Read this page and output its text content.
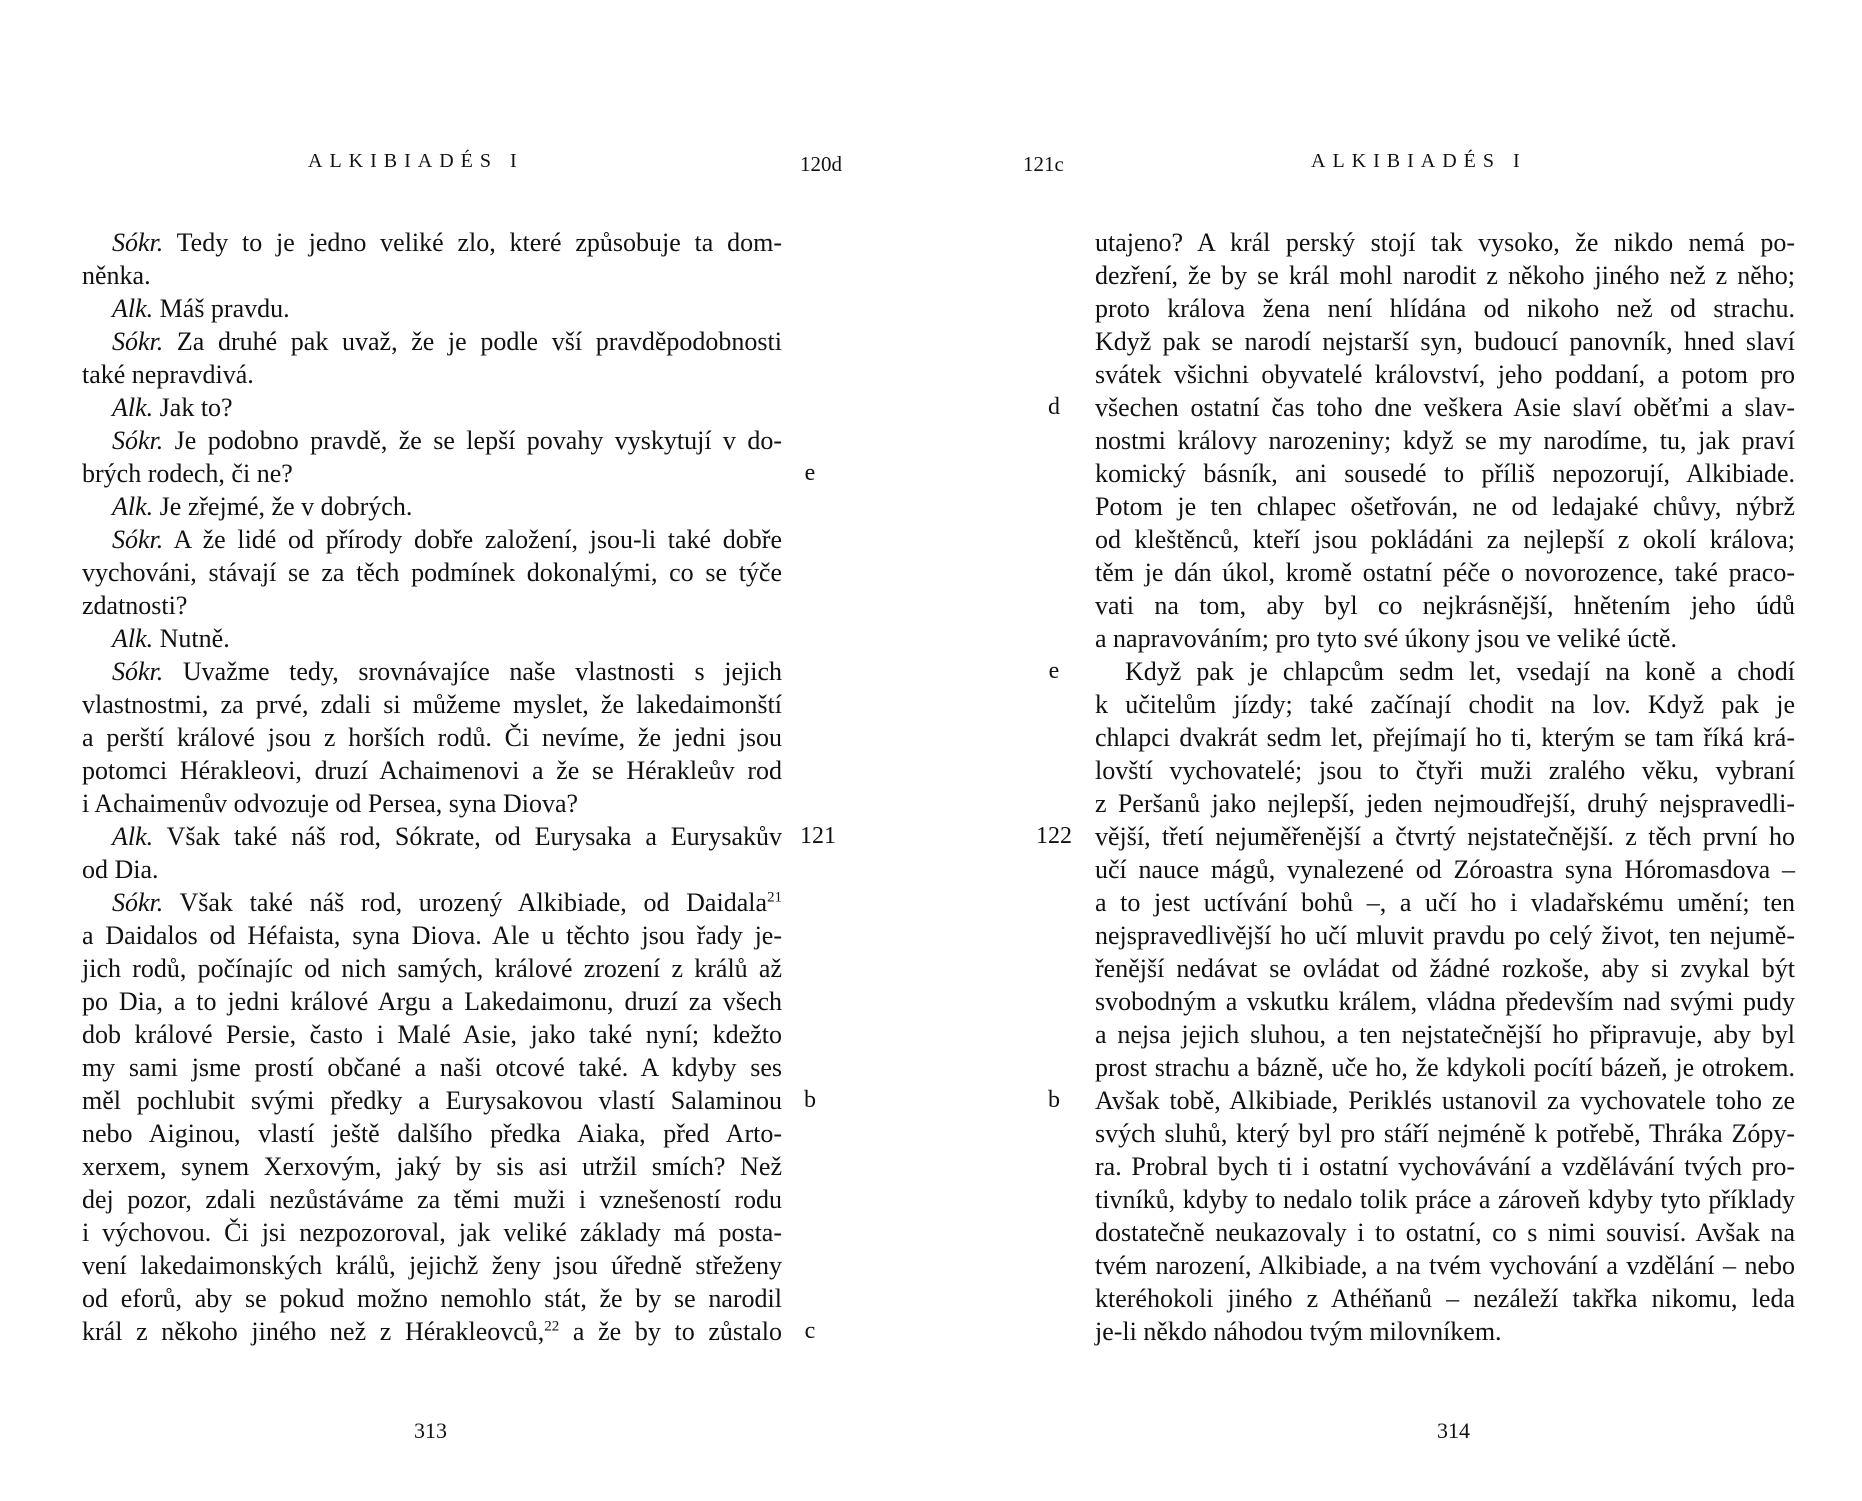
ALKIBIADÉS I	120d
Sókr. Tedy to je jedno veliké zlo, které způsobuje ta dom-
něnka.
Alk. Máš pravdu.
Sókr. Za druhé pak uvaž, že je podle vší pravděpodobnosti
také nepravdivá.
Alk. Jak to?
Sókr. Je podobno pravdě, že se lepší povahy vyskytují v do-
brých rodech, či ne?
Alk. Je zřejmé, že v dobrých.
Sókr. A že lidé od přírody dobře založení, jsou-li také dobře
vychováni, stávají se za těch podmínek dokonalými, co se týče
zdatnosti?
Alk. Nutně.
Sókr. Uvažme tedy, srovnávajíce naše vlastnosti s jejich
vlastnostmi, za prvé, zdali si můžeme myslet, že lakedaimonští
a perští králové jsou z horších rodů. Či nevíme, že jedni jsou
potomci Hérakleovi, druzí Achaimenovi a že se Hérakleův rod
i Achaimenův odvozuje od Persea, syna Diova?
Alk. Však také náš rod, Sókrate, od Eurysaka a Eurysakův
od Dia.
Sókr. Však také náš rod, urozený Alkibiade, od Daidala$^{21}$
a Daidalos od Héfaista, syna Diova. Ale u těchto jsou řady je-
jich rodů, počínajíc od nich samých, králové zrození z králů až
po Dia, a to jedni králové Argu a Lakedaimonu, druzí za všech
dob králové Persie, často i Malé Asie, jako také nyní; kdežto
my sami jsme prostí občané a naši otcové také. A kdyby ses
měl pochlubit svými předky a Eurysakovou vlastí Salaminou
nebo Aiginou, vlastí ještě dalšího předka Aiaka, před Arto-
xerxem, synem Xerxovým, jaký by sis asi utržil smích? Než
dej pozor, zdali nezůstáváme za těmi muži i vznešeností rodu
i výchovou. Či jsi nezpozoroval, jak veliké základy má posta-
vení lakedaimonských králů, jejichž ženy jsou úředně střeženy
od eforů, aby se pokud možno nemohlo stát, že by se narodil
král z někoho jiného než z Hérakleovců,$^{22}$ a že by to zůstalo
e
121
b
c
313
121c	ALKIBIADÉS I
utajeno? A král perský stojí tak vysoko, že nikdo nemá po-
dezření, že by se král mohl narodit z někoho jiného než z něho;
proto králova žena není hlídána od nikoho než od strachu.
Když pak se narodí nejstarší syn, budoucí panovník, hned slaví
svátek všichni obyvatelé království, jeho poddaní, a potom pro
všechen ostatní čas toho dne veškera Asie slaví oběťmi a slav-
nostmi královy narozeniny; když se my narodíme, tu, jak praví
komický básník, ani sousedé to příliš nepozorují, Alkibiade.
Potom je ten chlapec ošetřován, ne od ledajaké chůvy, nýbrž
od kleštěnců, kteří jsou pokládáni za nejlepší z okolí králova;
těm je dán úkol, kromě ostatní péče o novorozence, také praco-
vati na tom, aby byl co nejkrásnější, hnětením jeho údů
a napravováním; pro tyto své úkony jsou ve veliké úctě.
Když pak je chlapcům sedm let, vsedají na koně a chodí
k učitelům jízdy; také začínají chodit na lov. Když pak je
chlapci dvakrát sedm let, přejímají ho ti, kterým se tam říká krá-
lovští vychovatelé; jsou to čtyři muži zralého věku, vybraní
z Peršanů jako nejlepší, jeden nejmoudřejší, druhý nejspravedli-
vější, třetí nejuměřenější a čtvrtý nejstatečnější. z těch první ho
učí nauce mágů, vynalezené od Zóroastra syna Hóromasdova –
a to jest uctívání bohů –, a učí ho i vladařskému umění; ten
nejspravedlivější ho učí mluvit pravdu po celý život, ten nejumě-
řenější nedávat se ovládat od žádné rozkoše, aby si zvykal být
svobodným a vskutku králem, vládna především nad svými pudy
a nejsa jejich sluhou, a ten nejstatečnější ho připravuje, aby byl
prost strachu a bázně, uče ho, že kdykoli pocítí bázeň, je otrokem.
Avšak tobě, Alkibiade, Periklés ustanovil za vychovatele toho ze
svých sluhů, který byl pro stáří nejméně k potřebě, Thráka Zópy-
ra. Probral bych ti i ostatní vychovávání a vzdělávání tvých pro-
tivníků, kdyby to nedalo tolik práce a zároveň kdyby tyto příklady
dostatečně neukazovaly i to ostatní, co s nimi souvisí. Avšak na
tvém narození, Alkibiade, a na tvém vychování a vzdělání – nebo
kteréhokoli jiného z Athéňanů – nezáleží takřka nikomu, leda
je-li někdo náhodou tvým milovníkem.
d
e
122
b
314
